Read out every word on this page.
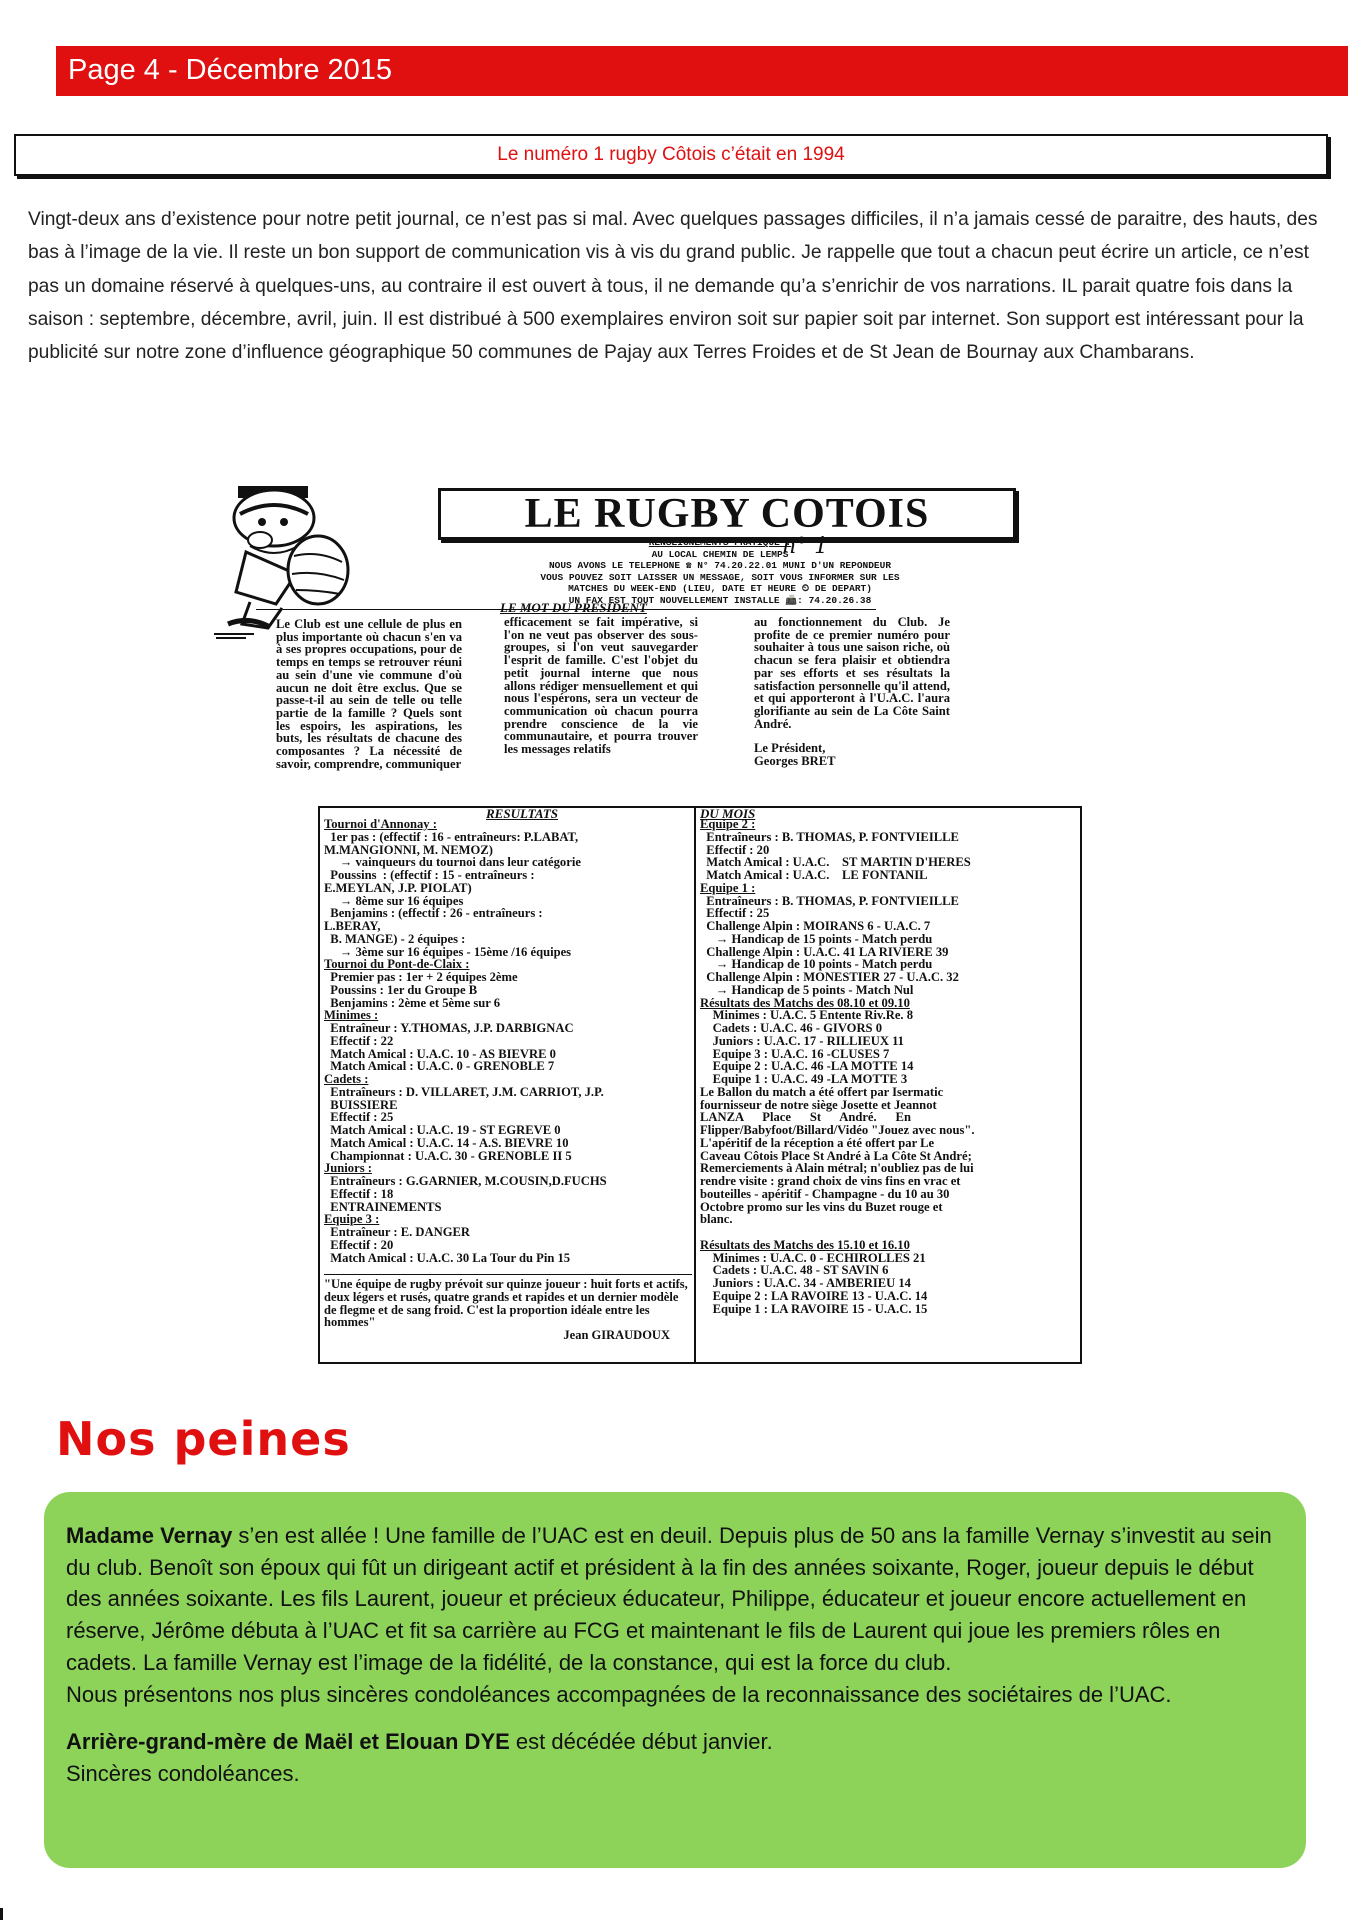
Page 4 - Décembre 2015
Le numéro 1 rugby Côtois c’était en 1994
Vingt-deux ans d’existence pour notre petit journal, ce n’est pas si mal. Avec quelques passages difficiles, il n’a jamais cessé de paraitre, des hauts, des bas à l’image de la vie. Il reste un bon support de communication vis à vis du grand public. Je rappelle que tout a chacun peut écrire un article, ce n’est pas un domaine réservé à quelques-uns, au contraire il est ouvert à tous, il ne demande qu’a s’enrichir de vos narrations. IL parait quatre fois dans la saison : septembre, décembre, avril, juin. Il est distribué à 500 exemplaires environ soit sur papier soit par internet. Son support est intéressant pour la publicité sur notre zone d’influence géographique 50 communes de Pajay aux Terres Froides et de St Jean de Bournay aux Chambarans.
LE RUGBY COTOIS
n° 1
RENSEIGNEMENTS PRATIQUE :
AU LOCAL CHEMIN DE LEMPS
NOUS AVONS LE TELEPHONE ☎ N° 74.20.22.01 MUNI D'UN REPONDEUR
VOUS POUVEZ SOIT LAISSER UN MESSAGE, SOIT VOUS INFORMER SUR LES
MATCHES DU WEEK-END (LIEU, DATE ET HEURE ⏲ DE DEPART)
UN FAX EST TOUT NOUVELLEMENT INSTALLE 📠: 74.20.26.38
LE MOT DU PRESIDENT
Le Club est une cellule de plus en plus importante où chacun s'en va à ses propres occupations, pour de temps en temps se retrouver réuni au sein d'une vie commune d'où aucun ne doit être exclus. Que se passe-t-il au sein de telle ou telle partie de la famille ? Quels sont les espoirs, les aspirations, les buts, les résultats de chacune des composantes ? La nécessité de savoir, comprendre, communiquer
efficacement se fait impérative, si l'on ne veut pas observer des sous-groupes, si l'on veut sauvegarder l'esprit de famille. C'est l'objet du petit journal interne que nous allons rédiger mensuellement et qui nous l'espérons, sera un vecteur de communication où chacun pourra prendre conscience de la vie communautaire, et pourra trouver les messages relatifs
au fonctionnement du Club. Je profite de ce premier numéro pour souhaiter à tous une saison riche, où chacun se fera plaisir et obtiendra par ses efforts et ses résultats la satisfaction personnelle qu'il attend, et qui apporteront à l'U.A.C. l'aura glorifiante au sein de La Côte Saint André.
Le Président,
Georges BRET
RESULTATS	DU MOIS
Tournoi d'Annonay :
1er pas : (effectif : 16 - entraîneurs: P.LABAT,
M.MANGIONNI, M. NEMOZ)
→ vainqueurs du tournoi dans leur catégorie
Poussins  : (effectif : 15 - entraîneurs :
E.MEYLAN, J.P. PIOLAT)
→ 8ème sur 16 équipes
Benjamins : (effectif : 26 - entraîneurs :
L.BERAY,
B. MANGE) - 2 équipes :
→ 3ème sur 16 équipes - 15ème /16 équipes
Tournoi du Pont-de-Claix :
Premier pas : 1er + 2 équipes 2ème
Poussins : 1er du Groupe B
Benjamins : 2ème et 5ème sur 6
Minimes :
Entraîneur : Y.THOMAS, J.P. DARBIGNAC
Effectif : 22
Match Amical : U.A.C. 10 - AS BIEVRE 0
Match Amical : U.A.C. 0 - GRENOBLE 7
Cadets :
Entraîneurs : D. VILLARET, J.M. CARRIOT, J.P.
BUISSIERE
Effectif : 25
Match Amical : U.A.C. 19 - ST EGREVE 0
Match Amical : U.A.C. 14 - A.S. BIEVRE 10
Championnat : U.A.C. 30 - GRENOBLE II 5
Juniors :
Entraîneurs : G.GARNIER, M.COUSIN,D.FUCHS
Effectif : 18
ENTRAINEMENTS
Equipe 3 :
Entraîneur : E. DANGER
Effectif : 20
Match Amical : U.A.C. 30 La Tour du Pin 15
Equipe 2 :
Entraîneurs : B. THOMAS, P. FONTVIEILLE
Effectif : 20
Match Amical : U.A.C.    ST MARTIN D'HERES
Match Amical : U.A.C.    LE FONTANIL
Equipe 1 :
Entraîneurs : B. THOMAS, P. FONTVIEILLE
Effectif : 25
Challenge Alpin : MOIRANS 6 - U.A.C. 7
→ Handicap de 15 points - Match perdu
Challenge Alpin : U.A.C. 41 LA RIVIERE 39
→ Handicap de 10 points - Match perdu
Challenge Alpin : MONESTIER 27 - U.A.C. 32
→ Handicap de 5 points - Match Nul
Résultats des Matchs des 08.10 et 09.10
Minimes : U.A.C. 5 Entente Riv.Re. 8
Cadets : U.A.C. 46 - GIVORS 0
Juniors : U.A.C. 17 - RILLIEUX 11
Equipe 3 : U.A.C. 16 -CLUSES 7
Equipe 2 : U.A.C. 46 -LA MOTTE 14
Equipe 1 : U.A.C. 49 -LA MOTTE 3
Le Ballon du match a été offert par Isermatic
fournisseur de notre siège Josette et Jeannot
LANZA      Place      St      André.      En
Flipper/Babyfoot/Billard/Vidéo "Jouez avec nous".
L'apéritif de la réception a été offert par Le
Caveau Côtois Place St André à La Côte St André;
Remerciements à Alain métral; n'oubliez pas de lui
rendre visite : grand choix de vins fins en vrac et
bouteilles - apéritif - Champagne - du 10 au 30
Octobre promo sur les vins du Buzet rouge et
blanc.

Résultats des Matchs des 15.10 et 16.10
Minimes : U.A.C. 0 - ECHIROLLES 21
Cadets : U.A.C. 48 - ST SAVIN 6
Juniors : U.A.C. 34 - AMBERIEU 14
Equipe 2 : LA RAVOIRE 13 - U.A.C. 14
Equipe 1 : LA RAVOIRE 15 - U.A.C. 15
"Une équipe de rugby prévoit sur quinze joueur : huit forts et actifs, deux légers et rusés, quatre grands et rapides et un dernier modèle de flegme et de sang froid. C'est la proportion idéale entre les hommes"
Jean GIRAUDOUX
Nos peines

Madame Vernay s’en est allée ! Une famille de l’UAC est en deuil. Depuis plus de 50 ans la famille Vernay s’investit au sein du club. Benoît son époux qui fût un dirigeant actif et président à la fin des années soixante, Roger, joueur depuis le début des années soixante. Les fils Laurent, joueur et précieux éducateur, Philippe, éducateur et joueur encore actuellement en réserve, Jérôme débuta à l’UAC et fit sa carrière au FCG et maintenant le fils de Laurent qui joue les premiers rôles en cadets. La famille Vernay est l’image de la fidélité, de la constance, qui est la force du club.

Nous présentons nos plus sincères condoléances accompagnées de la reconnaissance des sociétaires de l’UAC.

Arrière-grand-mère de Maël et Elouan DYE est décédée début janvier.

Sincères condoléances.
